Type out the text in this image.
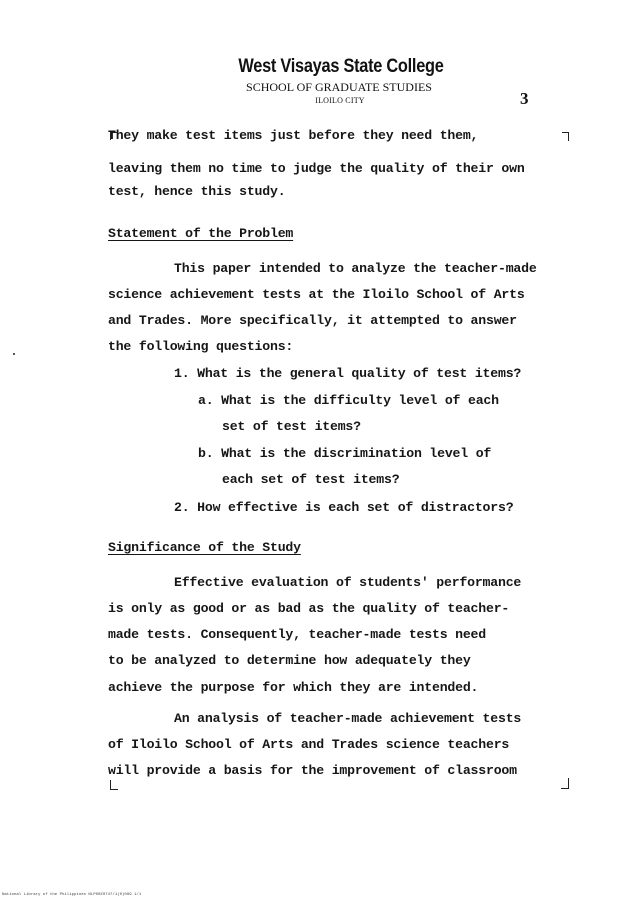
West Visayas State College
SCHOOL OF GRADUATE STUDIES
ILOILO CITY	3
They make test items just before they need them,
leaving them no time to judge the quality of their own
test, hence this study.
Statement of the Problem
This paper intended to analyze the teacher-made
science achievement tests at the Iloilo School of Arts
and Trades. More specifically, it attempted to answer
the following questions:
1. What is the general quality of test items?
a. What is the difficulty level of each
set of test items?
b. What is the discrimination level of
each set of test items?
2. How effective is each set of distractors?
Significance of the Study
Effective evaluation of students' performance
is only as good or as bad as the quality of teacher-
made tests. Consequently, teacher-made tests need
to be analyzed to determine how adequately they
achieve the purpose for which they are intended.
An analysis of teacher-made achievement tests
of Iloilo School of Arts and Trades science teachers
will provide a basis for the improvement of classroom
National Library of the Philippines NLP00Z0747/1(0)099 1/1
